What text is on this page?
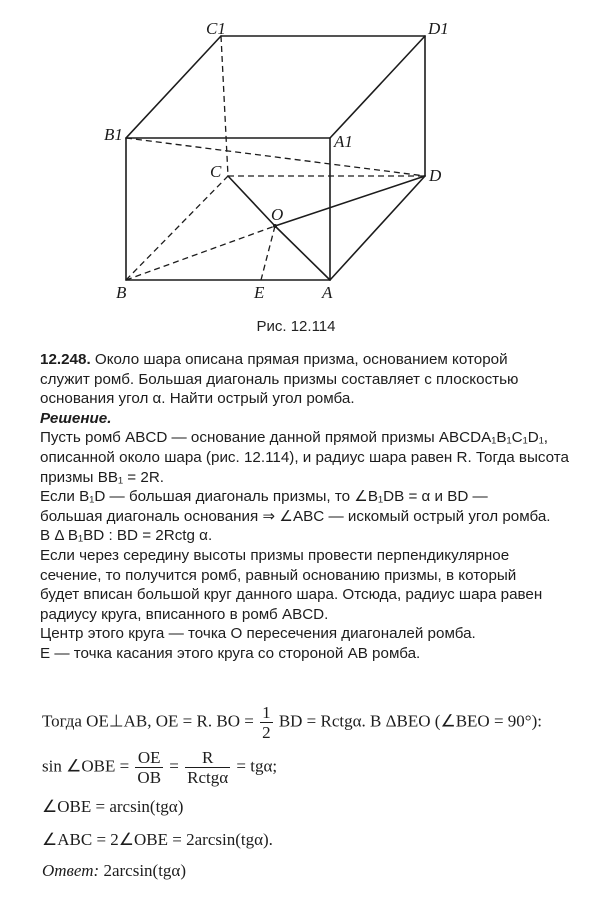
C1	D1
B1	A1
C	D
O
B	E	A
Рис. 12.114
12.248. Около шара описана прямая призма, основанием которой
служит ромб. Большая диагональ призмы составляет с плоскостью
основания угол α. Найти острый угол ромба.
Решение.
Пусть ромб ABCD — основание данной прямой призмы ABCDA₁B₁C₁D₁,
описанной около шара (рис. 12.114), и радиус шара равен R. Тогда высота
призмы BB₁ = 2R.
Если B₁D — большая диагональ призмы, то ∠B₁DB = α и BD —
большая диагональ основания ⇒ ∠ABC — искомый острый угол ромба.
В Δ B₁BD : BD = 2Rctg α.
Если через середину высоты призмы провести перпендикулярное
сечение, то получится ромб, равный основанию призмы, в который
будет вписан большой круг данного шара. Отсюда, радиус шара равен
радиусу круга, вписанного в ромб ABCD.
Центр этого круга — точка O пересечения диагоналей ромба.
E — точка касания этого круга со стороной AB ромба.
Тогда OE⊥AB, OE = R. BO = $\frac{1}{2}$ BD = Rctgα. В ΔBEO (∠BEO = 90°):
sin ∠OBE = $\frac{OE}{OB} = \frac{R}{\text{Rctgα}} = tg\alpha$;
∠OBE = arcsin(tgα)
∠ABC = 2∠OBE = 2arcsin(tgα).
Ответ: 2arcsin(tgα)
